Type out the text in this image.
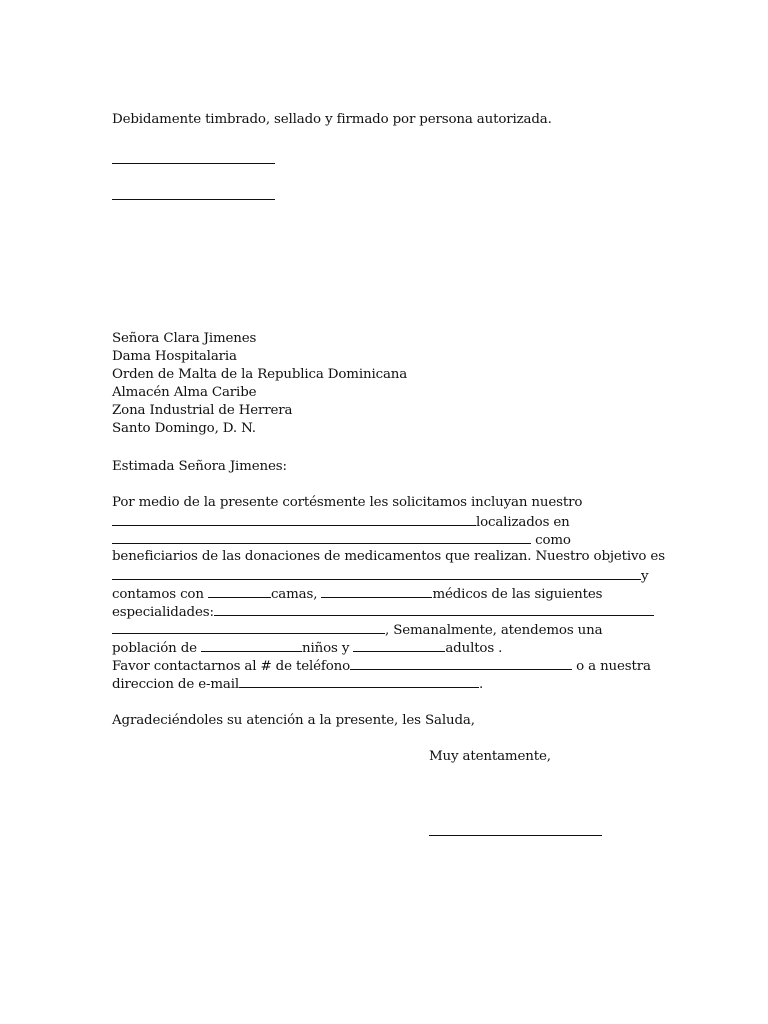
Debidamente timbrado, sellado y firmado por persona autorizada.
Señora Clara Jimenes
Dama Hospitalaria
Orden de Malta de la Republica Dominicana
Almacén Alma Caribe
Zona Industrial de Herrera
Santo Domingo, D. N.
Estimada Señora Jimenes:
Por medio de la presente cortésmente les solicitamos incluyan nuestro
localizados en
como
beneficiarios de las donaciones de medicamentos que realizan. Nuestro objetivo es
y
contamos con	camas,	médicos de las siguientes
especialidades:
, Semanalmente, atendemos una
población de	niños y	adultos .
Favor contactarnos al # de teléfono	o a nuestra
direccion de e-mail	.
Agradeciéndoles su atención a la presente, les Saluda,
Muy atentamente,
